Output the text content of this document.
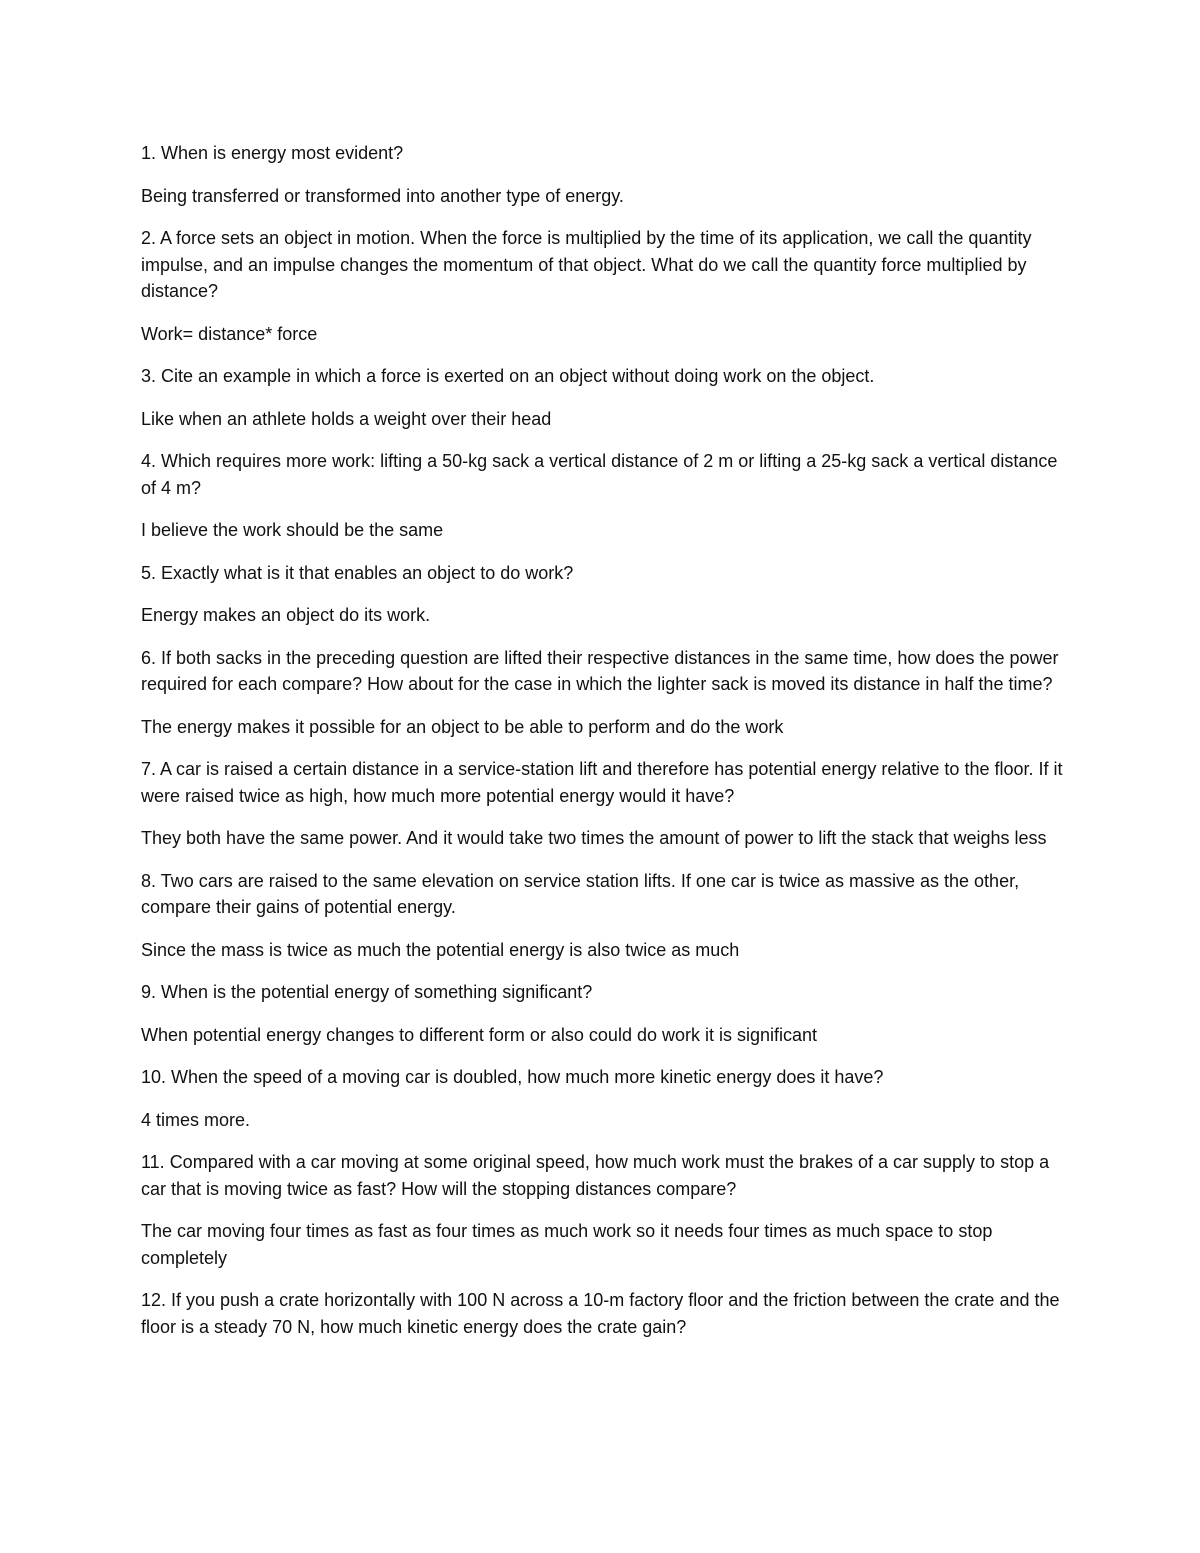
1. When is energy most evident?

Being transferred or transformed into another type of energy.

2. A force sets an object in motion. When the force is multiplied by the time of its application, we call the quantity impulse, and an impulse changes the momentum of that object. What do we call the quantity force multiplied by distance?

Work= distance* force

3. Cite an example in which a force is exerted on an object without doing work on the object.

Like when an athlete holds a weight over their head

4. Which requires more work: lifting a 50-kg sack a vertical distance of 2 m or lifting a 25-kg sack a vertical distance of 4 m?

I believe the work should be the same

5. Exactly what is it that enables an object to do work?

Energy makes an object do its work.

6. If both sacks in the preceding question are lifted their respective distances in the same time, how does the power required for each compare? How about for the case in which the lighter sack is moved its distance in half the time?

The energy makes it possible for an object to be able to perform and do the work

7. A car is raised a certain distance in a service-station lift and therefore has potential energy relative to the floor. If it were raised twice as high, how much more potential energy would it have?

They both have the same power. And it would take two times the amount of power to lift the stack that weighs less

8. Two cars are raised to the same elevation on service station lifts. If one car is twice as massive as the other, compare their gains of potential energy.

Since the mass is twice as much the potential energy is also twice as much

9. When is the potential energy of something significant?

When potential energy changes to different form or also could do work it is significant

10. When the speed of a moving car is doubled, how much more kinetic energy does it have?

4 times more.

11. Compared with a car moving at some original speed, how much work must the brakes of a car supply to stop a car that is moving twice as fast? How will the stopping distances compare?

The car moving four times as fast as four times as much work so it needs four times as much space to stop completely

12. If you push a crate horizontally with 100 N across a 10-m factory floor and the friction between the crate and the floor is a steady 70 N, how much kinetic energy does the crate gain?
